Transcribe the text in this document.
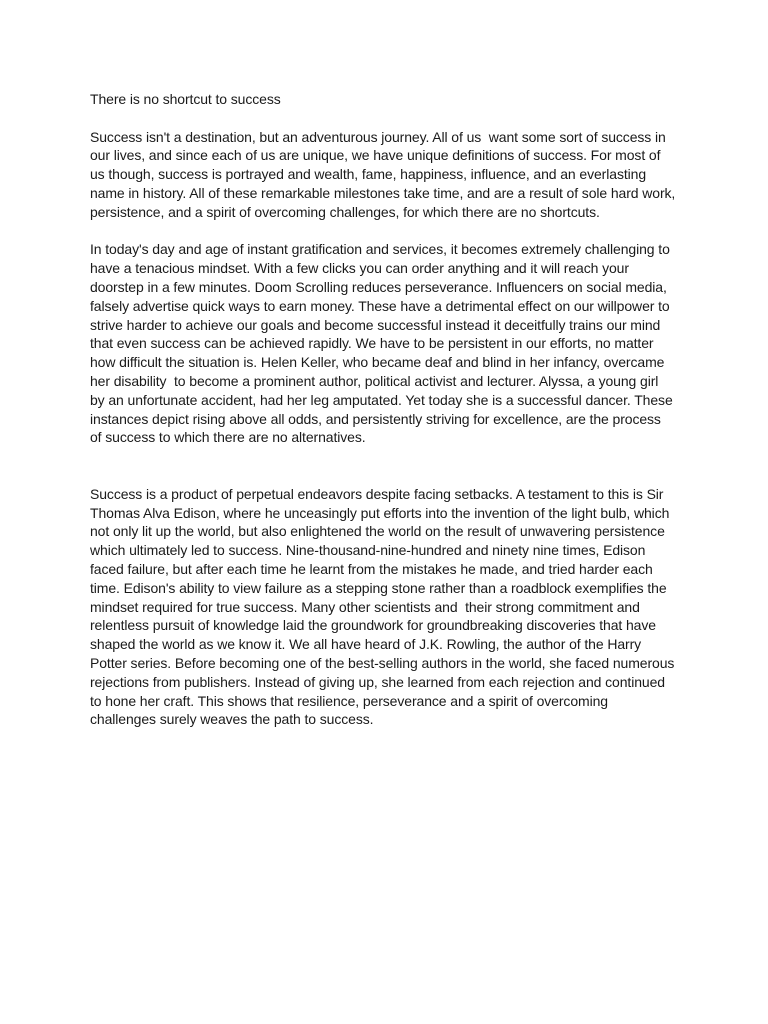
There is no shortcut to success
Success isn't a destination, but an adventurous journey. All of us  want some sort of success in
our lives, and since each of us are unique, we have unique definitions of success. For most of
us though, success is portrayed and wealth, fame, happiness, influence, and an everlasting
name in history. All of these remarkable milestones take time, and are a result of sole hard work,
persistence, and a spirit of overcoming challenges, for which there are no shortcuts.
In today's day and age of instant gratification and services, it becomes extremely challenging to
have a tenacious mindset. With a few clicks you can order anything and it will reach your
doorstep in a few minutes. Doom Scrolling reduces perseverance. Influencers on social media,
falsely advertise quick ways to earn money. These have a detrimental effect on our willpower to
strive harder to achieve our goals and become successful instead it deceitfully trains our mind
that even success can be achieved rapidly. We have to be persistent in our efforts, no matter
how difficult the situation is. Helen Keller, who became deaf and blind in her infancy, overcame
her disability  to become a prominent author, political activist and lecturer. Alyssa, a young girl
by an unfortunate accident, had her leg amputated. Yet today she is a successful dancer. These
instances depict rising above all odds, and persistently striving for excellence, are the process
of success to which there are no alternatives.
Success is a product of perpetual endeavors despite facing setbacks. A testament to this is Sir
Thomas Alva Edison, where he unceasingly put efforts into the invention of the light bulb, which
not only lit up the world, but also enlightened the world on the result of unwavering persistence
which ultimately led to success. Nine-thousand-nine-hundred and ninety nine times, Edison
faced failure, but after each time he learnt from the mistakes he made, and tried harder each
time. Edison's ability to view failure as a stepping stone rather than a roadblock exemplifies the
mindset required for true success. Many other scientists and  their strong commitment and
relentless pursuit of knowledge laid the groundwork for groundbreaking discoveries that have
shaped the world as we know it. We all have heard of J.K. Rowling, the author of the Harry
Potter series. Before becoming one of the best-selling authors in the world, she faced numerous
rejections from publishers. Instead of giving up, she learned from each rejection and continued
to hone her craft. This shows that resilience, perseverance and a spirit of overcoming
challenges surely weaves the path to success.
